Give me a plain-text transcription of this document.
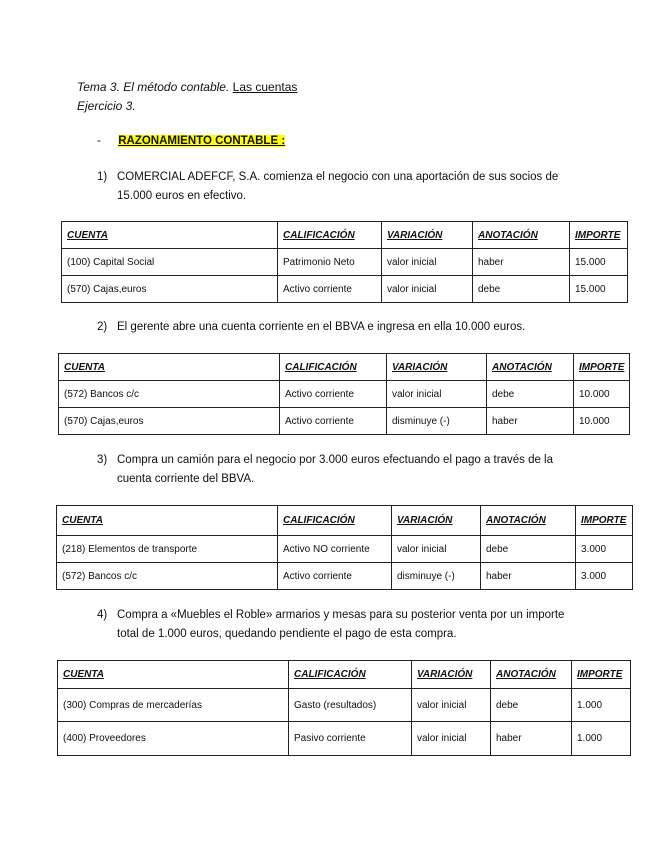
Tema 3. El método contable. Las cuentas
Ejercicio 3.
- RAZONAMIENTO CONTABLE :
1) COMERCIAL ADEFCF, S.A. comienza el negocio con una aportación de sus socios de
15.000 euros en efectivo.
CUENTA	CALIFICACIÓN	VARIACIÓN	ANOTACIÓN	IMPORTE
(100) Capital Social	Patrimonio Neto	valor inicial	haber	15.000
(570) Cajas,euros	Activo corriente	valor inicial	debe	15.000
2) El gerente abre una cuenta corriente en el BBVA e ingresa en ella 10.000 euros.
CUENTA	CALIFICACIÓN	VARIACIÓN	ANOTACIÓN	IMPORTE
(572) Bancos c/c	Activo corriente	valor inicial	debe	10.000
(570) Cajas,euros	Activo corriente	disminuye (-)	haber	10.000
3) Compra un camión para el negocio por 3.000 euros efectuando el pago a través de la
cuenta corriente del BBVA.
CUENTA	CALIFICACIÓN	VARIACIÓN	ANOTACIÓN	IMPORTE
(218) Elementos de transporte	Activo NO corriente	valor inicial	debe	3.000
(572) Bancos c/c	Activo corriente	disminuye (-)	haber	3.000
4) Compra a «Muebles el Roble» armarios y mesas para su posterior venta por un importe
total de 1.000 euros, quedando pendiente el pago de esta compra.
CUENTA	CALIFICACIÓN	VARIACIÓN	ANOTACIÓN	IMPORTE
(300) Compras de mercaderías	Gasto (resultados)	valor inicial	debe	1.000
(400) Proveedores	Pasivo corriente	valor inicial	haber	1.000
